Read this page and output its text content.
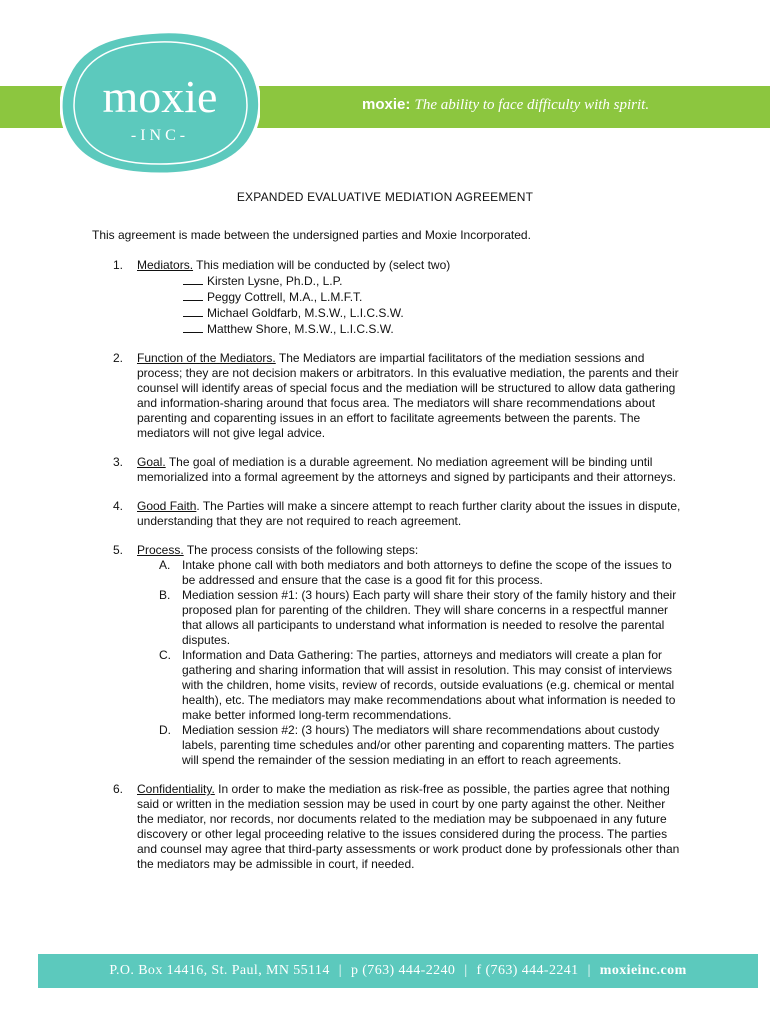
moxie
-INC-
moxie: The ability to face difficulty with spirit.
EXPANDED EVALUATIVE MEDIATION AGREEMENT
This agreement is made between the undersigned parties and Moxie Incorporated.
1. Mediators. This mediation will be conducted by (select two)
Kirsten Lysne, Ph.D., L.P.
Peggy Cottrell, M.A., L.M.F.T.
Michael Goldfarb, M.S.W., L.I.C.S.W.
Matthew Shore, M.S.W., L.I.C.S.W.
2. Function of the Mediators. The Mediators are impartial facilitators of the mediation sessions and process; they are not decision makers or arbitrators. In this evaluative mediation, the parents and their counsel will identify areas of special focus and the mediation will be structured to allow data gathering and information-sharing around that focus area. The mediators will share recommendations about parenting and coparenting issues in an effort to facilitate agreements between the parents. The mediators will not give legal advice.
3. Goal. The goal of mediation is a durable agreement. No mediation agreement will be binding until memorialized into a formal agreement by the attorneys and signed by participants and their attorneys.
4. Good Faith. The Parties will make a sincere attempt to reach further clarity about the issues in dispute, understanding that they are not required to reach agreement.
5. Process. The process consists of the following steps:
A. Intake phone call with both mediators and both attorneys to define the scope of the issues to be addressed and ensure that the case is a good fit for this process.
B. Mediation session #1: (3 hours) Each party will share their story of the family history and their proposed plan for parenting of the children. They will share concerns in a respectful manner that allows all participants to understand what information is needed to resolve the parental disputes.
C. Information and Data Gathering: The parties, attorneys and mediators will create a plan for gathering and sharing information that will assist in resolution. This may consist of interviews with the children, home visits, review of records, outside evaluations (e.g. chemical or mental health), etc. The mediators may make recommendations about what information is needed to make better informed long-term recommendations.
D. Mediation session #2: (3 hours) The mediators will share recommendations about custody labels, parenting time schedules and/or other parenting and coparenting matters. The parties will spend the remainder of the session mediating in an effort to reach agreements.
6. Confidentiality. In order to make the mediation as risk-free as possible, the parties agree that nothing said or written in the mediation session may be used in court by one party against the other. Neither the mediator, nor records, nor documents related to the mediation may be subpoenaed in any future discovery or other legal proceeding relative to the issues considered during the process. The parties and counsel may agree that third-party assessments or work product done by professionals other than the mediators may be admissible in court, if needed.
P.O. Box 14416, St. Paul, MN 55114 | p (763) 444-2240 | f (763) 444-2241 | moxieinc.com
